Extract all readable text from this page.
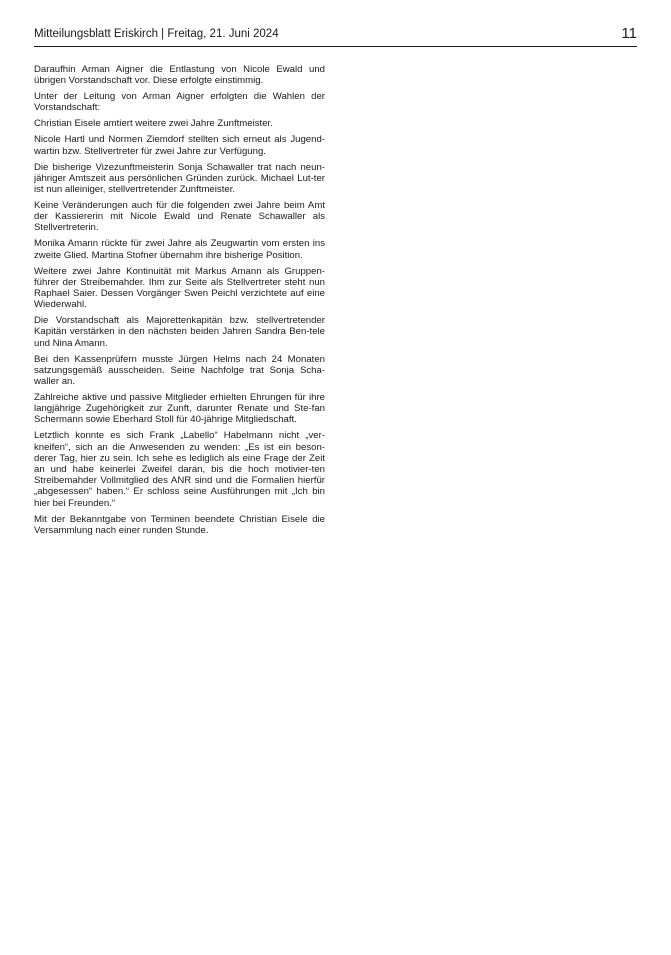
Mitteilungsblatt Eriskirch | Freitag, 21. Juni 2024	11

Daraufhin Arman Aigner die Entlastung von Nicole Ewald und übrigen Vorstandschaft vor. Diese erfolgte einstimmig.

Unter der Leitung von Arman Aigner erfolgten die Wahlen der Vorstandschaft:

Christian Eisele amtiert weitere zwei Jahre Zunftmeister.

Nicole Hartl und Normen Ziemdorf stellten sich erneut als Jugend-wartin bzw. Stellvertreter für zwei Jahre zur Verfügung.

Die bisherige Vizezunftmeisterin Sonja Schawaller trat nach neun-jähriger Amtszeit aus persönlichen Gründen zurück. Michael Lut-ter ist nun alleiniger, stellvertretender Zunftmeister.

Keine Veränderungen auch für die folgenden zwei Jahre beim Amt der Kassiererin mit Nicole Ewald und Renate Schawaller als Stellvertreterin.

Monika Amann rückte für zwei Jahre als Zeugwartin vom ersten ins zweite Glied. Martina Stofner übernahm ihre bisherige Position.

Weitere zwei Jahre Kontinuität mit Markus Amann als Gruppen-führer der Streibemahder. Ihm zur Seite als Stellvertreter steht nun Raphael Saier. Dessen Vorgänger Swen Peichl verzichtete auf eine Wiederwahl.

Die Vorstandschaft als Majorettenkapitän bzw. stellvertretender Kapitän verstärken in den nächsten beiden Jahren Sandra Ben-tele und Nina Amann.

Bei den Kassenprüfern musste Jürgen Helms nach 24 Monaten satzungsgemäß ausscheiden. Seine Nachfolge trat Sonja Scha-waller an.

Zahlreiche aktive und passive Mitglieder erhielten Ehrungen für ihre langjährige Zugehörigkeit zur Zunft, darunter Renate und Ste-fan Schermann sowie Eberhard Stoll für 40-jährige Mitgliedschaft.

Letztlich konnte es sich Frank „Labello“ Habelmann nicht „ver-kneifen“, sich an die Anwesenden zu wenden: „Es ist ein beson-derer Tag, hier zu sein. Ich sehe es lediglich als eine Frage der Zeit an und habe keinerlei Zweifel daran, bis die hoch motivier-ten Streibemahder Vollmitglied des ANR sind und die Formalien hierfür „abgesessen“ haben.“ Er schloss seine Ausführungen mit „Ich bin hier bei Freunden.“

Mit der Bekanntgabe von Terminen beendete Christian Eisele die Versammlung nach einer runden Stunde.
